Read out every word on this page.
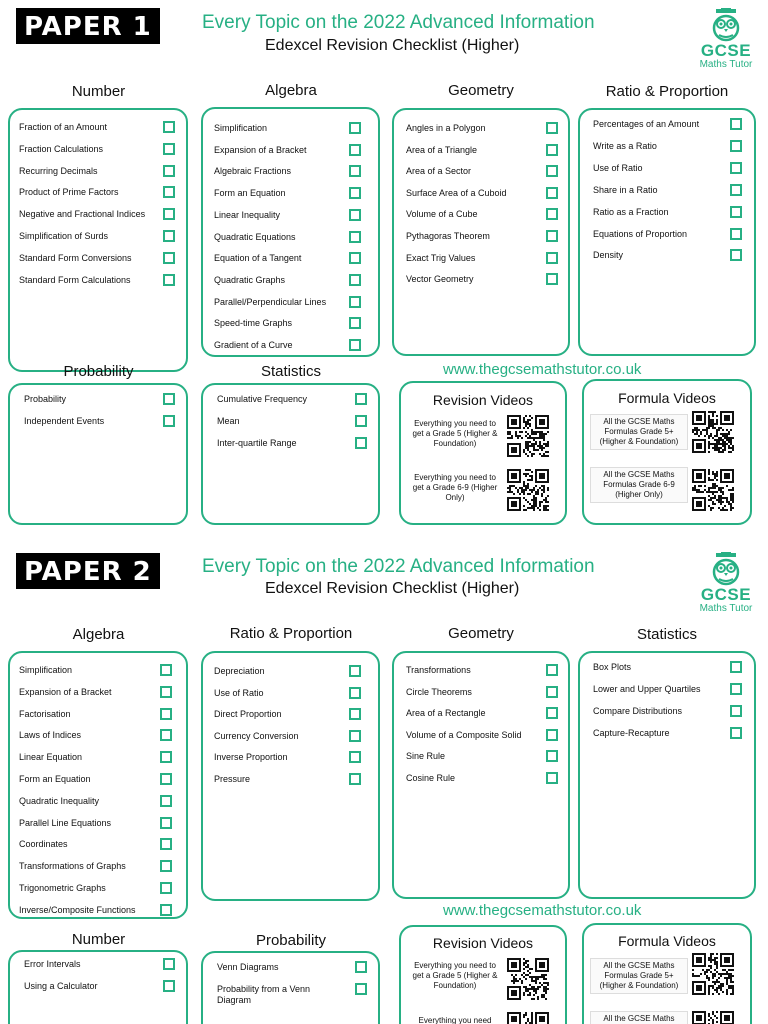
PAPER 1	Every Topic on the 2022 Advanced Information
Edexcel Revision Checklist (Higher)	GCSE
Maths Tutor
Number	Algebra	Geometry	Ratio & Proportion
Probability	Statistics	www.thegcsemathstutor.co.uk
Revision Videos
Everything you need to get a Grade 5 (Higher & Foundation)
Everything you need to get a Grade 6-9 (Higher Only)
Formula Videos
All the GCSE Maths Formulas Grade 5+ (Higher & Foundation)
All the GCSE Maths Formulas Grade 6-9 (Higher Only)
PAPER 2	Every Topic on the 2022 Advanced Information
Edexcel Revision Checklist (Higher)	GCSE
Maths Tutor
Algebra	Ratio & Proportion	Geometry	Statistics
Number	Probability
www.thegcsemathstutor.co.uk
Revision Videos
Everything you need to get a Grade 5 (Higher & Foundation)
Everything you need
Formula Videos
All the GCSE Maths Formulas Grade 5+ (Higher & Foundation)
All the GCSE Maths
Fraction of an Amount
Fraction Calculations
Recurring Decimals
Product of Prime Factors
Negative and Fractional Indices
Simplification of Surds
Standard Form Conversions
Standard Form Calculations
Simplification
Expansion of a Bracket
Algebraic Fractions
Form an Equation
Linear Inequality
Quadratic Equations
Equation of a Tangent
Quadratic Graphs
Parallel/Perpendicular Lines
Speed-time Graphs
Gradient of a Curve
Angles in a Polygon
Area of a Triangle
Area of a Sector
Surface Area of a Cuboid
Volume of a Cube
Pythagoras Theorem
Exact Trig Values
Vector Geometry
Percentages of an Amount
Write as a Ratio
Use of Ratio
Share in a Ratio
Ratio as a Fraction
Equations of Proportion
Density
Probability
Independent Events
Cumulative Frequency
Mean
Inter-quartile Range
Simplification
Expansion of a Bracket
Factorisation
Laws of Indices
Linear Equation
Form an Equation
Quadratic Inequality
Parallel Line Equations
Coordinates
Transformations of Graphs
Trigonometric Graphs
Inverse/Composite Functions
Depreciation
Use of Ratio
Direct Proportion
Currency Conversion
Inverse Proportion
Pressure
Transformations
Circle Theorems
Area of a Rectangle
Volume of a Composite Solid
Sine Rule
Cosine Rule
Box Plots
Lower and Upper Quartiles
Compare Distributions
Capture-Recapture
Error Intervals
Using a Calculator
Venn Diagrams
Probability from a Venn Diagram
